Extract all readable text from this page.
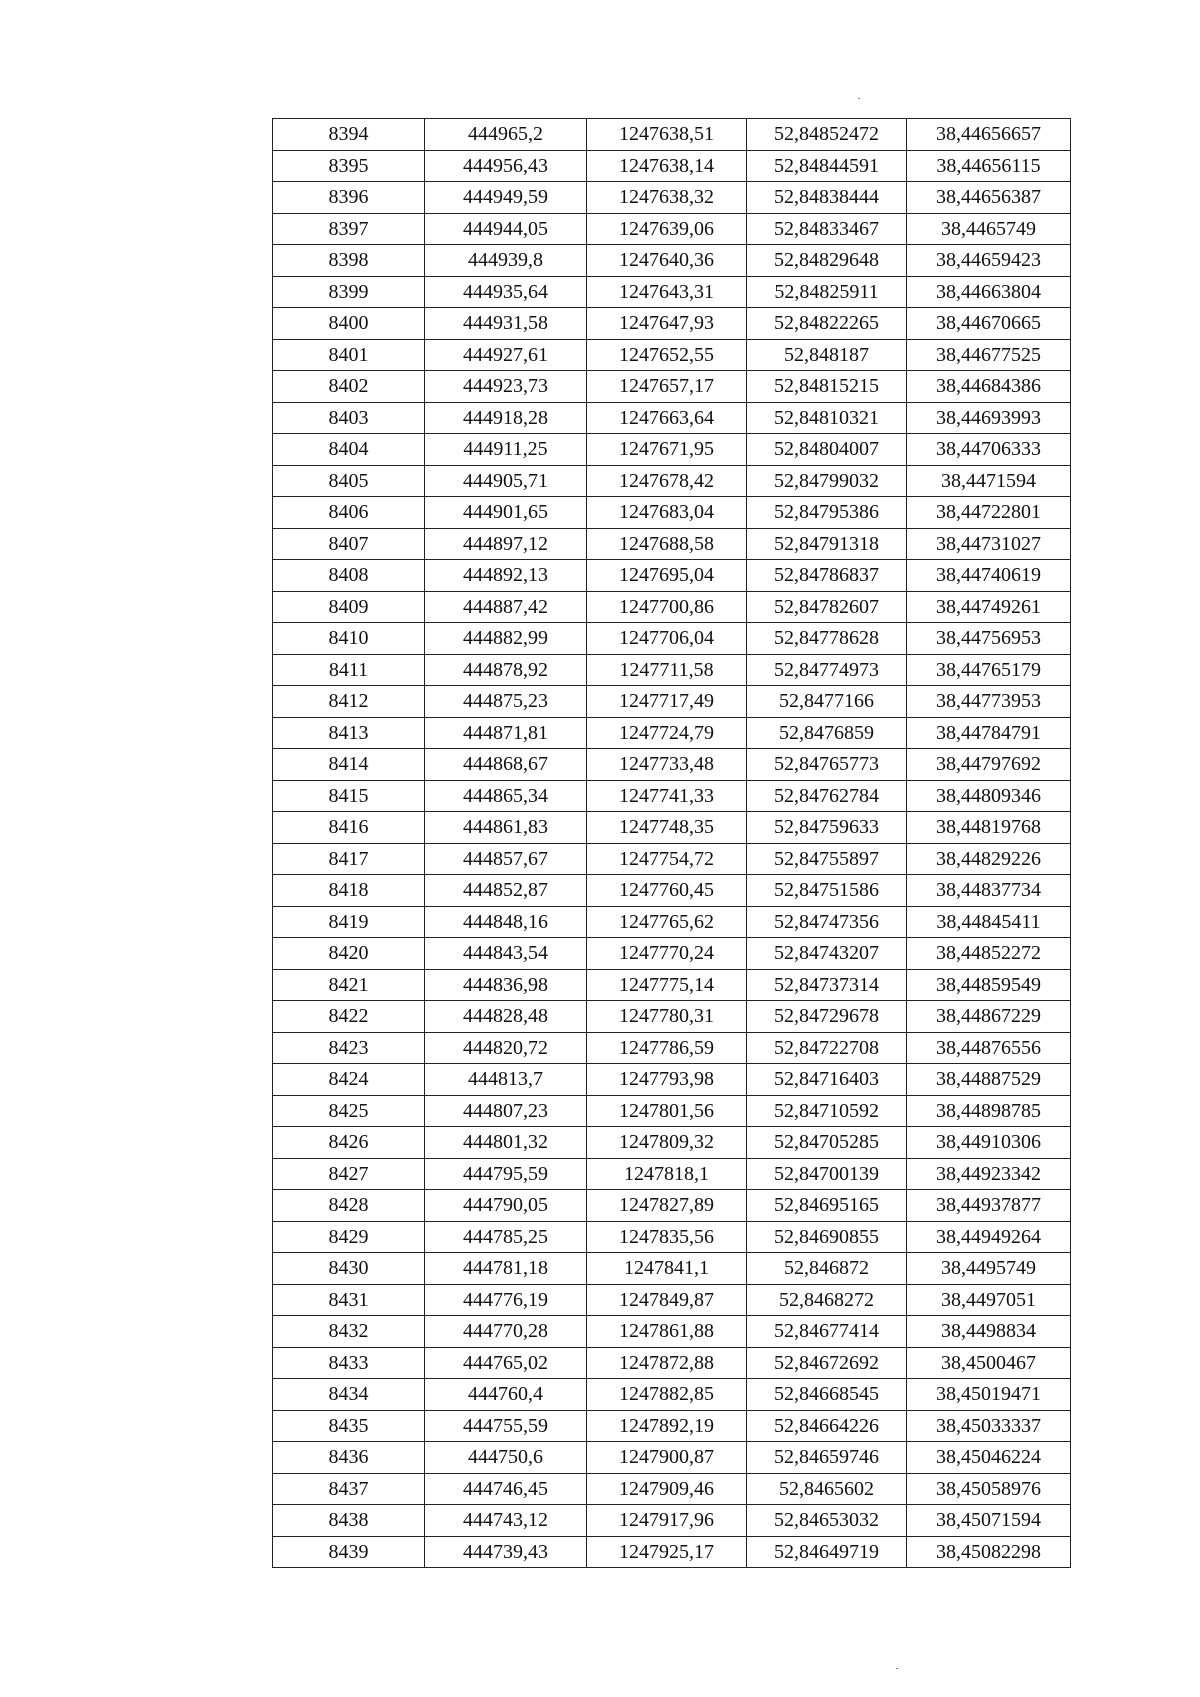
8394	444965,2	1247638,51	52,84852472	38,44656657
8395	444956,43	1247638,14	52,84844591	38,44656115
8396	444949,59	1247638,32	52,84838444	38,44656387
8397	444944,05	1247639,06	52,84833467	38,4465749
8398	444939,8	1247640,36	52,84829648	38,44659423
8399	444935,64	1247643,31	52,84825911	38,44663804
8400	444931,58	1247647,93	52,84822265	38,44670665
8401	444927,61	1247652,55	52,848187	38,44677525
8402	444923,73	1247657,17	52,84815215	38,44684386
8403	444918,28	1247663,64	52,84810321	38,44693993
8404	444911,25	1247671,95	52,84804007	38,44706333
8405	444905,71	1247678,42	52,84799032	38,4471594
8406	444901,65	1247683,04	52,84795386	38,44722801
8407	444897,12	1247688,58	52,84791318	38,44731027
8408	444892,13	1247695,04	52,84786837	38,44740619
8409	444887,42	1247700,86	52,84782607	38,44749261
8410	444882,99	1247706,04	52,84778628	38,44756953
8411	444878,92	1247711,58	52,84774973	38,44765179
8412	444875,23	1247717,49	52,8477166	38,44773953
8413	444871,81	1247724,79	52,8476859	38,44784791
8414	444868,67	1247733,48	52,84765773	38,44797692
8415	444865,34	1247741,33	52,84762784	38,44809346
8416	444861,83	1247748,35	52,84759633	38,44819768
8417	444857,67	1247754,72	52,84755897	38,44829226
8418	444852,87	1247760,45	52,84751586	38,44837734
8419	444848,16	1247765,62	52,84747356	38,44845411
8420	444843,54	1247770,24	52,84743207	38,44852272
8421	444836,98	1247775,14	52,84737314	38,44859549
8422	444828,48	1247780,31	52,84729678	38,44867229
8423	444820,72	1247786,59	52,84722708	38,44876556
8424	444813,7	1247793,98	52,84716403	38,44887529
8425	444807,23	1247801,56	52,84710592	38,44898785
8426	444801,32	1247809,32	52,84705285	38,44910306
8427	444795,59	1247818,1	52,84700139	38,44923342
8428	444790,05	1247827,89	52,84695165	38,44937877
8429	444785,25	1247835,56	52,84690855	38,44949264
8430	444781,18	1247841,1	52,846872	38,4495749
8431	444776,19	1247849,87	52,8468272	38,4497051
8432	444770,28	1247861,88	52,84677414	38,4498834
8433	444765,02	1247872,88	52,84672692	38,4500467
8434	444760,4	1247882,85	52,84668545	38,45019471
8435	444755,59	1247892,19	52,84664226	38,45033337
8436	444750,6	1247900,87	52,84659746	38,45046224
8437	444746,45	1247909,46	52,8465602	38,45058976
8438	444743,12	1247917,96	52,84653032	38,45071594
8439	444739,43	1247925,17	52,84649719	38,45082298
